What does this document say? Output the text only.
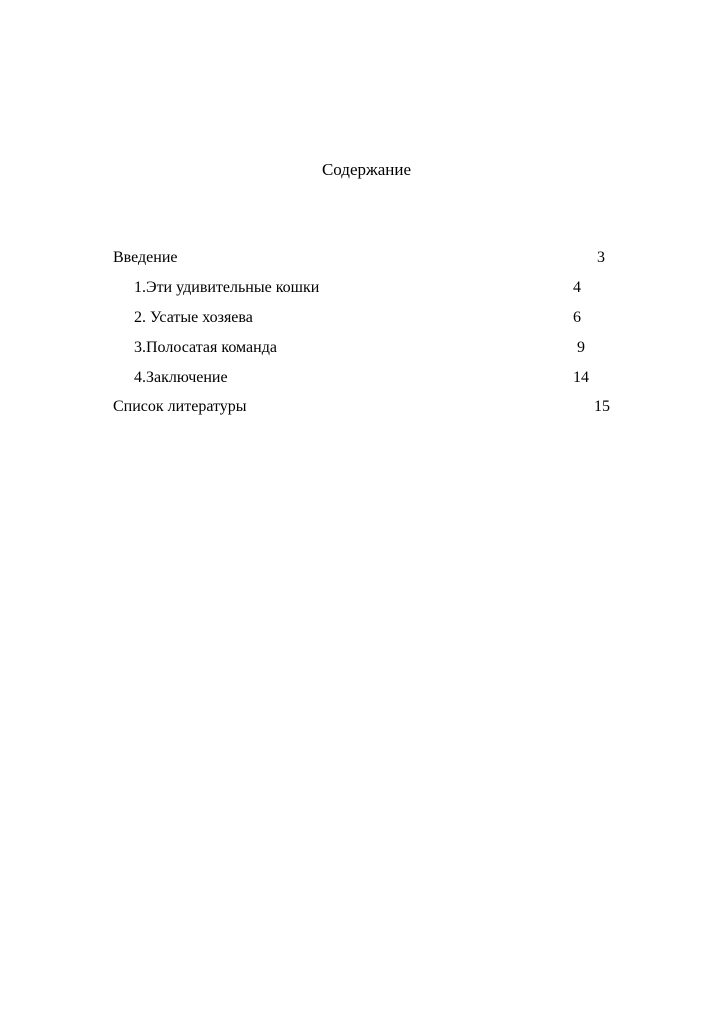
Содержание
Введение	3
1.Эти удивительные кошки	4
2. Усатые хозяева	6
3.Полосатая команда	9
4.Заключение	14
Список литературы	15
